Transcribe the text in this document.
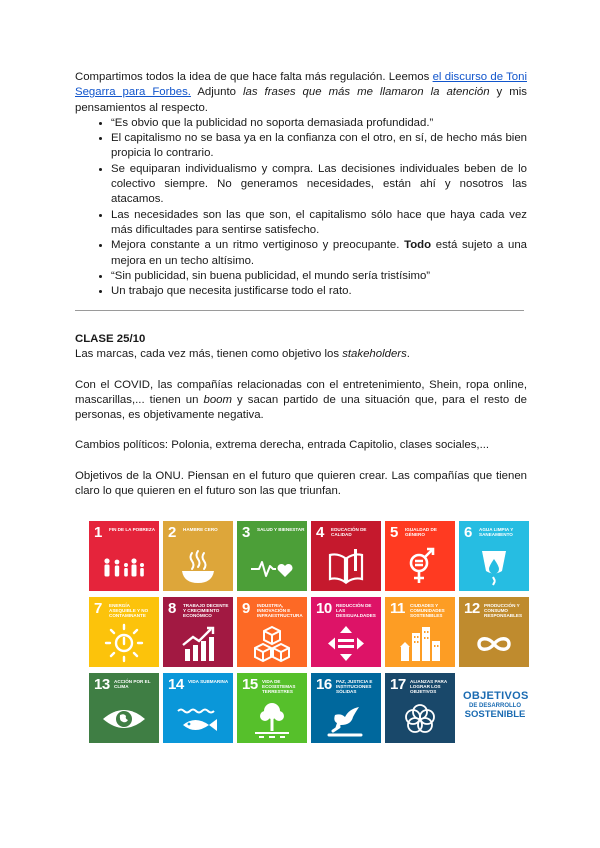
Compartimos todos la idea de que hace falta más regulación. Leemos el discurso de Toni Segarra para Forbes. Adjunto las frases que más me llamaron la atención y mis pensamientos al respecto.

• “Es obvio que la publicidad no soporta demasiada profundidad.”
• El capitalismo no se basa ya en la confianza con el otro, en sí, de hecho más bien propicia lo contrario.
• Se equiparan individualismo y compra. Las decisiones individuales beben de lo colectivo siempre. No generamos necesidades, están ahí y nosotros las atacamos.
• Las necesidades son las que son, el capitalismo sólo hace que haya cada vez más dificultades para sentirse satisfecho.
• Mejora constante a un ritmo vertiginoso y preocupante. Todo está sujeto a una mejora en un techo altísimo.
• “Sin publicidad, sin buena publicidad, el mundo sería tristísimo”
• Un trabajo que necesita justificarse todo el rato.

CLASE 25/10

Las marcas, cada vez más, tienen como objetivo los stakeholders.

Con el COVID, las compañías relacionadas con el entretenimiento, Shein, ropa online, mascarillas,... tienen un boom y sacan partido de una situación que, para el resto de personas, es objetivamente negativa.

Cambios políticos: Polonia, extrema derecha, entrada Capitolio, clases sociales,...

Objetivos de la ONU. Piensan en el futuro que quieren crear. Las compañías que tienen claro lo que quieren en el futuro son las que triunfan.

1 FIN DE LA POBREZA 2 HAMBRE CERO	3 SALUD Y BIENESTAR 4 EDUCACIÓN DE CALIDAD	5 IGUALDAD DE GÉNERO	6 AGUA LIMPIA Y SANEAMIENTO
7 ENERGÍA ASEQUIBLE Y NO CONTAMINANTE	8 TRABAJO DECENTE Y CRECIMIENTO ECONÓMICO	9 INDUSTRIA, INNOVACIÓN E INFRAESTRUCTURA 10 REDUCCIÓN DE LAS DESIGUALDADES 11 CIUDADES Y COMUNIDADES SOSTENIBLES	12 PRODUCCIÓN Y CONSUMO RESPONSABLES
13 ACCIÓN POR EL CLIMA	14 VIDA SUBMARINA 15 VIDA DE ECOSISTEMAS TERRESTRES	16 PAZ, JUSTICIA E INSTITUCIONES SÓLIDAS	17 ALIANZAS PARA LOGRAR LOS OBJETIVOS	OBJETIVOS
DE DESARROLLO
SOSTENIBLE
